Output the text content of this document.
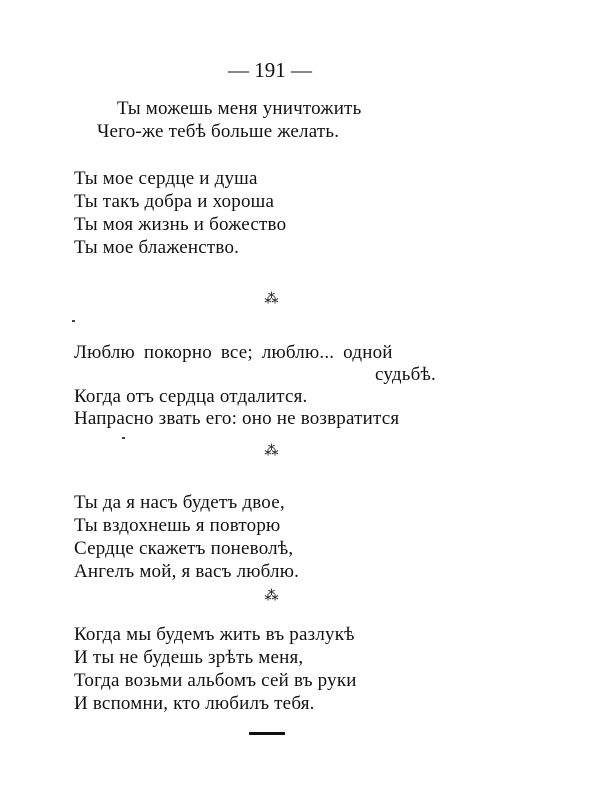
— 191 —
Ты можешь меня уничтожить
Чего-же тебѣ больше желать.
Ты мое сердце и душа
Ты такъ добра и хороша
Ты моя жизнь и божество
Ты мое блаженство.
⁂
Люблю покорно все; люблю... одной
судьбѣ.
Когда отъ сердца отдалится.
Напрасно звать его: оно не возвратится
⁂
Ты да я насъ будетъ двое,
Ты вздохнешь я повторю
Сердце скажетъ поневолѣ,
Ангелъ мой, я васъ люблю.
⁂
Когда мы будемъ жить въ разлукѣ
И ты не будешь зрѣть меня,
Тогда возьми альбомъ сей въ руки
И вспомни, кто любилъ тебя.
